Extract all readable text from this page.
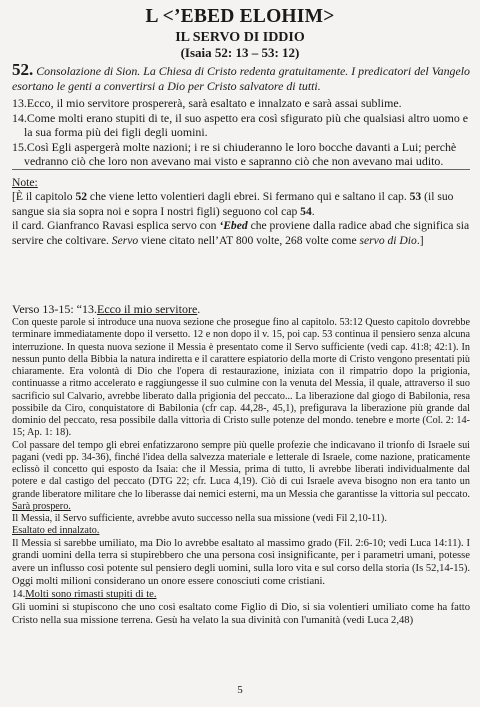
L <’EBED ELOHIM>
IL SERVO DI IDDIO
(Isaia 52: 13 – 53: 12)
52. Consolazione di Sion. La Chiesa di Cristo redenta gratuitamente. I predicatori del Vangelo esortano le genti a convertirsi a Dio per Cristo salvatore di tutti.

13.Ecco, il mio servitore prospererà, sarà esaltato e innalzato e sarà assai sublime.

14.Come molti erano stupiti di te, il suo aspetto era così sfigurato più che qualsiasi altro uomo e la sua forma più dei figli degli uomini.

15.Così Egli aspergerà molte nazioni; i re si chiuderanno le loro bocche davanti a Lui; perchè vedranno ciò che loro non avevano mai visto e sapranno ciò che non avevano mai udito.

Note:

[È il capitolo 52 che viene letto volentieri dagli ebrei. Si fermano qui e saltano il cap. 53 (il suo sangue sia sia sopra noi e sopra I nostri figli) seguono col cap 54.

il card. Gianfranco Ravasi esplica servo con ‘Ebed che proviene dalla radice abad che significa sia servire che coltivare. Servo viene citato nell’AT 800 volte, 268 volte come servo di Dio.]

Verso 13-15: “13.Ecco il mio servitore.

Con queste parole si introduce una nuova sezione che prosegue fino al capitolo. 53:12 Questo capitolo dovrebbe terminare immediatamente dopo il versetto. 12 e non dopo il v. 15, poi cap. 53 continua il pensiero senza alcuna interruzione. In questa nuova sezione il Messia è presentato come il Servo sufficiente (vedi cap. 41:8; 42:1). In nessun punto della Bibbia la natura indiretta e il carattere espiatorio della morte di Cristo vengono presentati più chiaramente. Era volontà di Dio che l'opera di restaurazione, iniziata con il rimpatrio dopo la prigionia, continuasse a ritmo accelerato e raggiungesse il suo culmine con la venuta del Messia, il quale, attraverso il suo sacrificio sul Calvario, avrebbe liberato dalla prigionia del peccato... La liberazione dal giogo di Babilonia, resa possibile da Ciro, conquistatore di Babilonia (cfr cap. 44,28-, 45,1), prefigurava la liberazione più grande dal dominio del peccato, resa possibile dalla vittoria di Cristo sulle potenze del mondo. tenebre e morte (Col. 2: 14-15; Ap. 1: 18).

Col passare del tempo gli ebrei enfatizzarono sempre più quelle profezie che indicavano il trionfo di Israele sui pagani (vedi pp. 34-36), finché l'idea della salvezza materiale e letterale di Israele, come nazione, praticamente eclissò il concetto qui esposto da Isaia: che il Messia, prima di tutto, li avrebbe liberati individualmente dal potere e dal castigo del peccato (DTG 22; cfr. Luca 4,19). Ciò di cui Israele aveva bisogno non era tanto un grande liberatore militare che lo liberasse dai nemici esterni, ma un Messia che garantisse la vittoria sul peccato.

Sarà prospero.

Il Messia, il Servo sufficiente, avrebbe avuto successo nella sua missione (vedi Fil 2,10-11).

Esaltato ed innalzato.

Il Messia si sarebbe umiliato, ma Dio lo avrebbe esaltato al massimo grado (Fil. 2:6-10; vedi Luca 14:11). I grandi uomini della terra si stupirebbero che una persona così insignificante, per i parametri umani, potesse avere un influsso così potente sul pensiero degli uomini, sulla loro vita e sul corso della storia (Is 52,14-15). Oggi molti milioni considerano un onore essere conosciuti come cristiani.

14.Molti sono rimasti stupiti di te.

Gli uomini si stupiscono che uno così esaltato come Figlio di Dio, si sia volentieri umiliato come ha fatto Cristo nella sua missione terrena. Gesù ha velato la sua divinità con l'umanità (vedi Luca 2,48)

5
